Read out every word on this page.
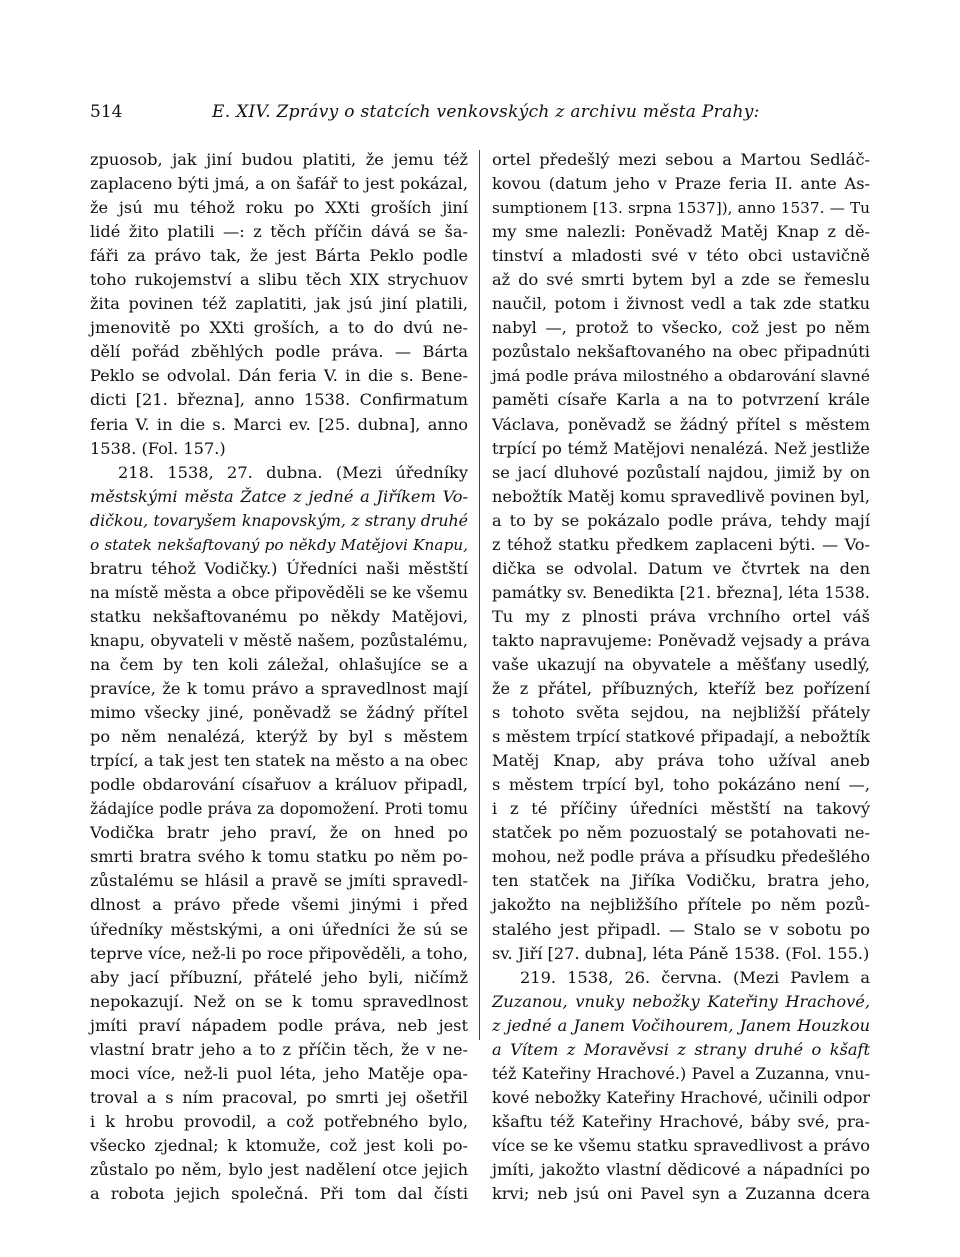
514	E. XIV. Zprávy o statcích venkovských z archivu města Prahy:
zpuosob, jak jiní budou platiti, že jemu též
zaplaceno býti jmá, a on šafář to jest pokázal,
že jsú mu téhož roku po XXti groších jiní
lidé žito platili —: z těch příčin dává se ša-
fáři za právo tak, že jest Bárta Peklo podle
toho rukojemství a slibu těch XIX strychuov
žita povinen též zaplatiti, jak jsú jiní platili,
jmenovitě po XXti groších, a to do dvú ne-
dělí pořád zběhlých podle práva. — Bárta
Peklo se odvolal. Dán feria V. in die s. Bene-
dicti [21. března], anno 1538. Confirmatum
feria V. in die s. Marci ev. [25. dubna], anno
1538. (Fol. 157.)
218. 1538, 27. dubna. (Mezi úředníky
městskými města Žatce z jedné a Jiříkem Vo-
dičkou, tovaryšem knapovským, z strany druhé
o statek nekšaftovaný po někdy Matějovi Knapu,
bratru téhož Vodičky.) Úředníci naši městští
na místě města a obce připověděli se ke všemu
statku nekšaftovanému po někdy Matějovi,
knapu, obyvateli v městě našem, pozůstalému,
na čem by ten koli záležal, ohlašujíce se a
pravíce, že k tomu právo a spravedlnost mají
mimo všecky jiné, poněvadž se žádný přítel
po něm nenalézá, kterýž by byl s městem
trpící, a tak jest ten statek na město a na obec
podle obdarování císařuov a králuov připadl,
žádajíce podle práva za dopomožení. Proti tomu
Vodička bratr jeho praví, že on hned po
smrti bratra svého k tomu statku po něm po-
zůstalému se hlásil a pravě se jmíti spravedl-
dlnost a právo přede všemi jinými i před
úředníky městskými, a oni úředníci že sú se
teprve více, než-li po roce připověděli, a toho,
aby jací příbuzní, přátelé jeho byli, ničímž
nepokazují. Než on se k tomu spravedlnost
jmíti praví nápadem podle práva, neb jest
vlastní bratr jeho a to z příčin těch, že v ne-
moci více, než-li puol léta, jeho Matěje opa-
troval a s ním pracoval, po smrti jej ošetřil
i k hrobu provodil, a což potřebného bylo,
všecko zjednal; k ktomuže, což jest koli po-
zůstalo po něm, bylo jest nadělení otce jejich
a robota jejich společná. Při tom dal čísti
ortel předešlý mezi sebou a Martou Sedláč-
kovou (datum jeho v Praze feria II. ante As-
sumptionem [13. srpna 1537]), anno 1537. — Tu
my sme nalezli: Poněvadž Matěj Knap z dě-
tinství a mladosti své v této obci ustavičně
až do své smrti bytem byl a zde se řemeslu
naučil, potom i živnost vedl a tak zde statku
nabyl —, protož to všecko, což jest po něm
pozůstalo nekšaftovaného na obec připadnúti
jmá podle práva milostného a obdarování slavné
paměti císaře Karla a na to potvrzení krále
Václava, poněvadž se žádný přítel s městem
trpící po témž Matějovi nenalézá. Než jestliže
se jací dluhové pozůstalí najdou, jimiž by on
nebožtík Matěj komu spravedlivě povinen byl,
a to by se pokázalo podle práva, tehdy mají
z téhož statku předkem zaplaceni býti. — Vo-
dička se odvolal. Datum ve čtvrtek na den
památky sv. Benedikta [21. března], léta 1538.
Tu my z plnosti práva vrchního ortel váš
takto napravujeme: Poněvadž vejsady a práva
vaše ukazují na obyvatele a měšťany usedlý,
že z přátel, příbuzných, kteříž bez pořízení
s tohoto světa sejdou, na nejbližší přátely
s městem trpící statkové připadají, a nebožtík
Matěj Knap, aby práva toho užíval aneb
s městem trpící byl, toho pokázáno není —,
i z té příčiny úředníci městští na takový
statček po něm pozuostalý se potahovati ne-
mohou, než podle práva a přísudku předešlého
ten statček na Jiříka Vodičku, bratra jeho,
jakožto na nejbližšího přítele po něm pozů-
stalého jest připadl. — Stalo se v sobotu po
sv. Jiří [27. dubna], léta Páně 1538. (Fol. 155.)
219. 1538, 26. června. (Mezi Pavlem a
Zuzanou, vnuky nebožky Kateřiny Hrachové,
z jedné a Janem Vočihourem, Janem Houzkou
a Vítem z Moravěvsi z strany druhé o kšaft
též Kateřiny Hrachové.) Pavel a Zuzanna, vnu-
kové nebožky Kateřiny Hrachové, učinili odpor
kšaftu též Kateřiny Hrachové, báby své, pra-
více se ke všemu statku spravedlivost a právo
jmíti, jakožto vlastní dědicové a nápadníci po
krvi; neb jsú oni Pavel syn a Zuzanna dcera
